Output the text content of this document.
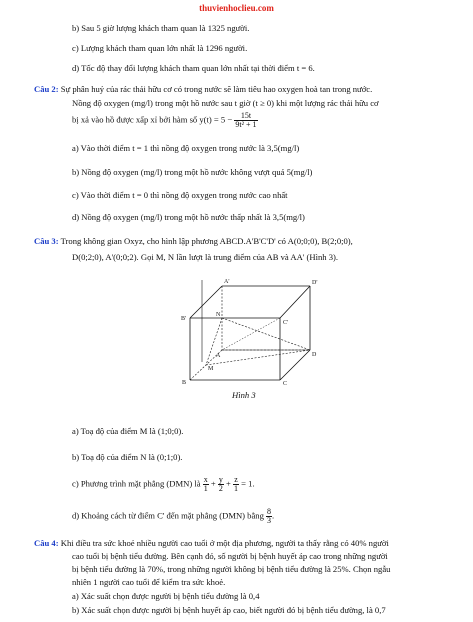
thuvienhoclieu.com
b) Sau 5 giờ lượng khách tham quan là 1325 người.
c) Lượng khách tham quan lớn nhất là 1296 người.
d) Tốc độ thay đổi lượng khách tham quan lớn nhất tại thời điểm t = 6.
Câu 2: Sự phân huỷ của rác thải hữu cơ có trong nước sẽ làm tiêu hao oxygen hoà tan trong nước.
Nồng độ oxygen (mg/l) trong một hồ nước sau t giờ (t ≥ 0) khi một lượng rác thải hữu cơ
bị xả vào hồ được xấp xỉ bởi hàm số $y(t) = 5 - \frac{15t}{\text{9t² + 1}}$
a) Vào thời điểm t = 1 thì nồng độ oxygen trong nước là 3,5(mg/l)
b) Nồng độ oxygen (mg/l) trong một hồ nước không vượt quá 5(mg/l)
c) Vào thời điểm t = 0 thì nồng độ oxygen trong nước cao nhất
d) Nồng độ oxygen (mg/l) trong một hồ nước thấp nhất là 3,5(mg/l)
Câu 3: Trong không gian Oxyz, cho hình lập phương ABCD.A'B'C'D' có A(0;0;0), B(2;0;0),
D(0;2;0), A'(0;0;2). Gọi M, N lần lượt là trung điểm của AB và AA' (Hình 3).
A'	D'
B'
C'
A	D
B	C
M
N
Hình 3
a) Toạ độ của điểm M là (1;0;0).
b) Toạ độ của điểm N là (0;1;0).
c) Phương trình mặt phẳng (DMN) là $\frac{x}{1} + \frac{y}{2} + \frac{z}{1} = 1$.
d) Khoảng cách từ điểm C' đến mặt phẳng (DMN) bằng $\frac{8}{3}$ .
Câu 4: Khi điều tra sức khoẻ nhiều người cao tuổi ở một địa phương, người ta thấy rằng có 40% người
cao tuổi bị bệnh tiểu đường. Bên cạnh đó, số người bị bệnh huyết áp cao trong những người
bị bệnh tiểu đường là 70%, trong những người không bị bệnh tiểu đường là 25%. Chọn ngẫu
nhiên 1 người cao tuổi để kiểm tra sức khoẻ.
a) Xác suất chọn được người bị bệnh tiểu đường là 0,4
b) Xác suất chọn được người bị bệnh huyết áp cao, biết người đó bị bệnh tiểu đường, là 0,7
